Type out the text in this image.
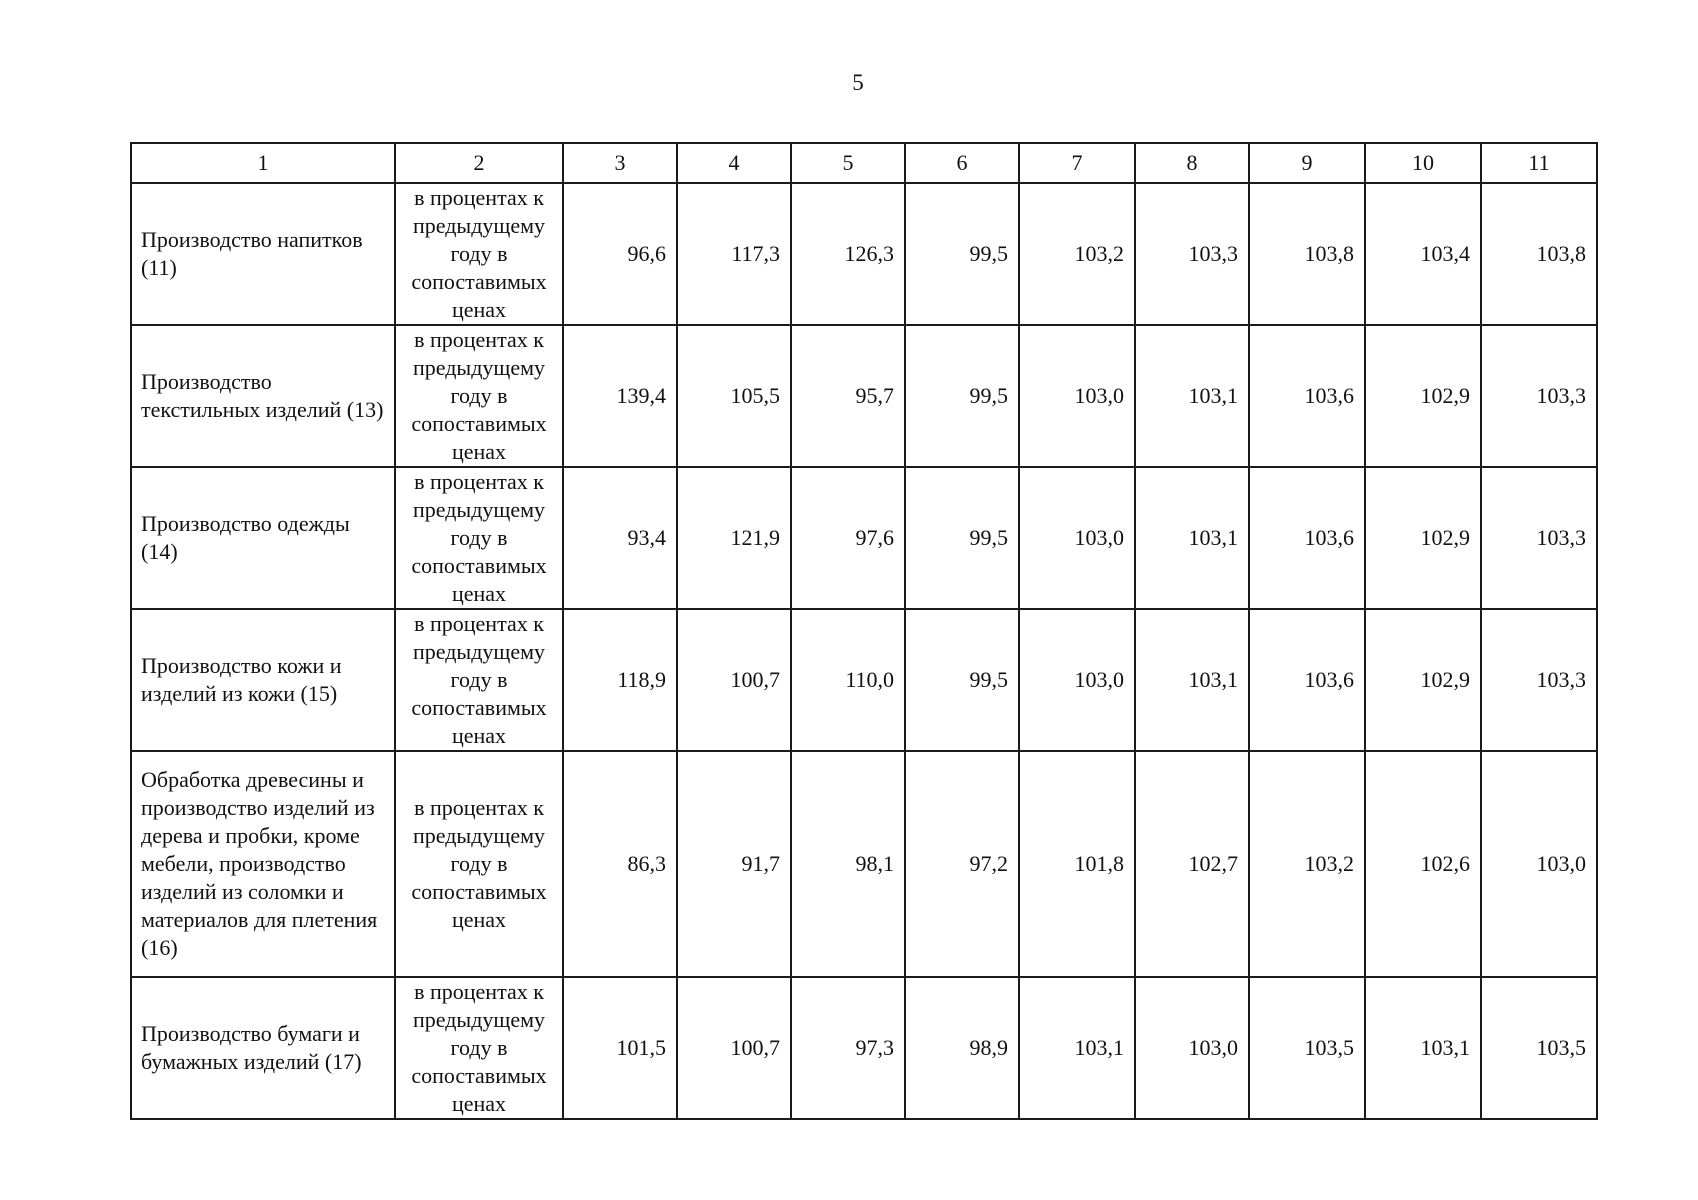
5
1	2	3	4	5	6	7	8	9	10	11
Производство напитков (11)	в процентах к предыдущему году в сопоставимых ценах	96,6	117,3	126,3	99,5	103,2	103,3	103,8	103,4	103,8
Производство текстильных изделий (13)	в процентах к предыдущему году в сопоставимых ценах	139,4	105,5	95,7	99,5	103,0	103,1	103,6	102,9	103,3
Производство одежды (14)	в процентах к предыдущему году в сопоставимых ценах	93,4	121,9	97,6	99,5	103,0	103,1	103,6	102,9	103,3
Производство кожи и изделий из кожи (15)	в процентах к предыдущему году в сопоставимых ценах	118,9	100,7	110,0	99,5	103,0	103,1	103,6	102,9	103,3
Обработка древесины и производство изделий из дерева и пробки, кроме мебели, производство изделий из соломки и материалов для плетения (16)	в процентах к предыдущему году в сопоставимых ценах	86,3	91,7	98,1	97,2	101,8	102,7	103,2	102,6	103,0
Производство бумаги и бумажных изделий (17)	в процентах к предыдущему году в сопоставимых ценах	101,5	100,7	97,3	98,9	103,1	103,0	103,5	103,1	103,5
